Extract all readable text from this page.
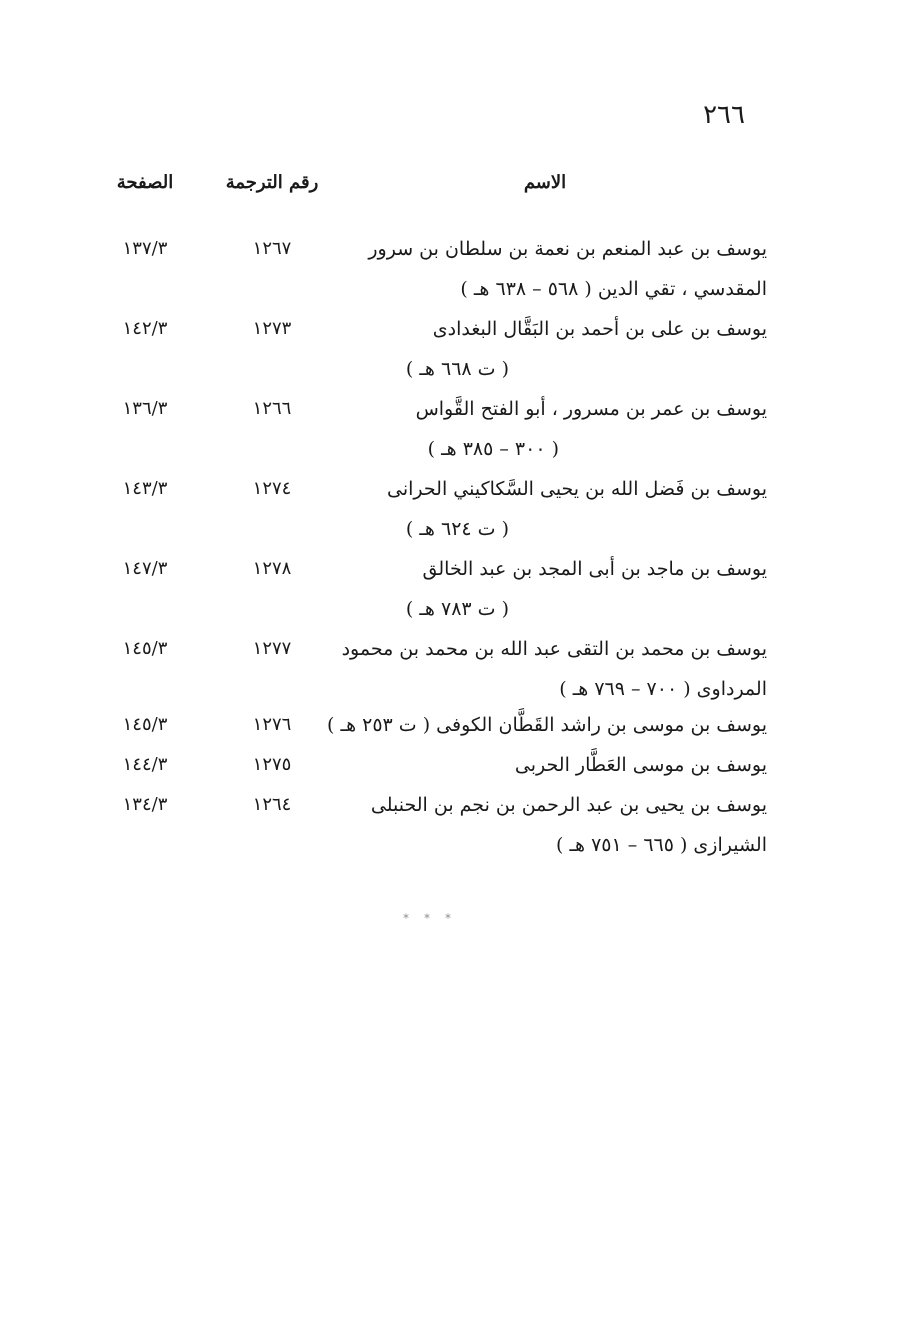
٢٦٦
الاسم
رقم الترجمة
الصفحة
يوسف بن عبد المنعم بن نعمة بن سلطان بن سرور
المقدسي ، تقي الدين ( ٥٦٨ – ٦٣٨ هـ )
١٢٦٧
١٣٧/٣
يوسف بن على بن أحمد بن البَقَّال البغدادى
( ت ٦٦٨ هـ )
١٢٧٣
١٤٢/٣
يوسف بن عمر بن مسرور ، أبو الفتح القَّواس
( ٣٠٠ – ٣٨٥ هـ )
١٢٦٦
١٣٦/٣
يوسف بن فَضل الله بن يحيى السَّكاكيني الحرانى
( ت ٦٢٤ هـ )
١٢٧٤
١٤٣/٣
يوسف بن ماجد بن أبى المجد بن عبد الخالق
( ت ٧٨٣ هـ )
١٢٧٨
١٤٧/٣
يوسف بن محمد بن التقى عبد الله بن محمد بن محمود
المرداوى ( ٧٠٠ – ٧٦٩ هـ )
١٢٧٧
١٤٥/٣
يوسف بن موسى بن راشد القَطَّان الكوفى ( ت ٢٥٣ هـ )
١٢٧٦
١٤٥/٣
يوسف بن موسى العَطَّار الحربى
١٢٧٥
١٤٤/٣
يوسف بن يحيى بن عبد الرحمن بن نجم بن الحنبلى
الشيرازى ( ٦٦٥ – ٧٥١ هـ )
١٢٦٤
١٣٤/٣
* * *
